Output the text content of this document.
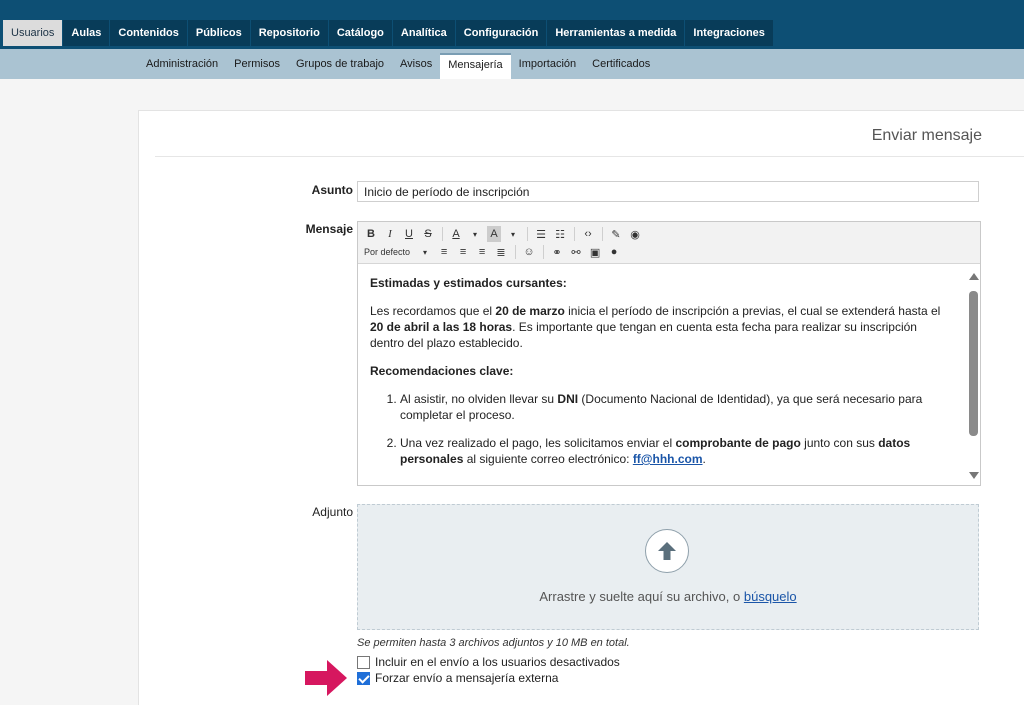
Usuarios	Aulas	Contenidos	Públicos	Repositorio	Catálogo	Analítica	Configuración	Herramientas a medida	Integraciones
Administración	Permisos	Grupos de trabajo	Avisos	Mensajería	Importación	Certificados
Enviar mensaje
Asunto
Inicio de período de inscripción
Mensaje B	I	U	S	A	▾	A	▾	☰ ☷	‹›	✎ ◉
Por defecto	▾	≡	≡	≡	≣ ☺ ⚭ ⚯ ▣ ●

Estimadas y estimados cursantes:

Les recordamos que el 20 de marzo inicia el período de inscripción a previas, el cual se extenderá hasta el 20 de abril a las 18 horas. Es importante que tengan en cuenta esta fecha para realizar su inscripción dentro del plazo establecido.

Recomendaciones clave:

1. Al asistir, no olviden llevar su DNI (Documento Nacional de Identidad), ya que será necesario para completar el proceso.
2. Una vez realizado el pago, les solicitamos enviar el comprobante de pago junto con sus datos personales al siguiente correo electrónico: ff@hhh.com.
Adjunto
Arrastre y suelte aquí su archivo, o búsquelo
Se permiten hasta 3 archivos adjuntos y 10 MB en total.
Incluir en el envío a los usuarios desactivados
Forzar envío a mensajería externa
